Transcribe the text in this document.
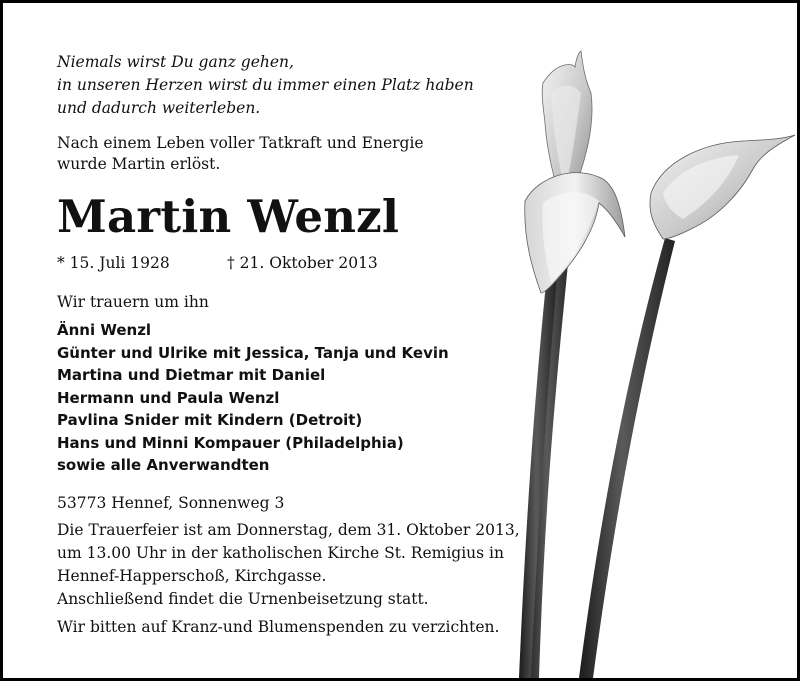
Niemals wirst Du ganz gehen,
in unseren Herzen wirst du immer einen Platz haben
und dadurch weiterleben.
Nach einem Leben voller Tatkraft und Energie
wurde Martin erlöst.
Martin Wenzl
* 15. Juli 1928	† 21. Oktober 2013
Wir trauern um ihn
Änni Wenzl
Günter und Ulrike mit Jessica, Tanja und Kevin
Martina und Dietmar mit Daniel
Hermann und Paula Wenzl
Pavlina Snider mit Kindern (Detroit)
Hans und Minni Kompauer (Philadelphia)
sowie alle Anverwandten
53773 Hennef, Sonnenweg 3
Die Trauerfeier ist am Donnerstag, dem 31. Oktober 2013,
um 13.00 Uhr in der katholischen Kirche St. Remigius in
Hennef-Happerschoß, Kirchgasse.
Anschließend findet die Urnenbeisetzung statt.
Wir bitten auf Kranz-und Blumenspenden zu verzichten.
